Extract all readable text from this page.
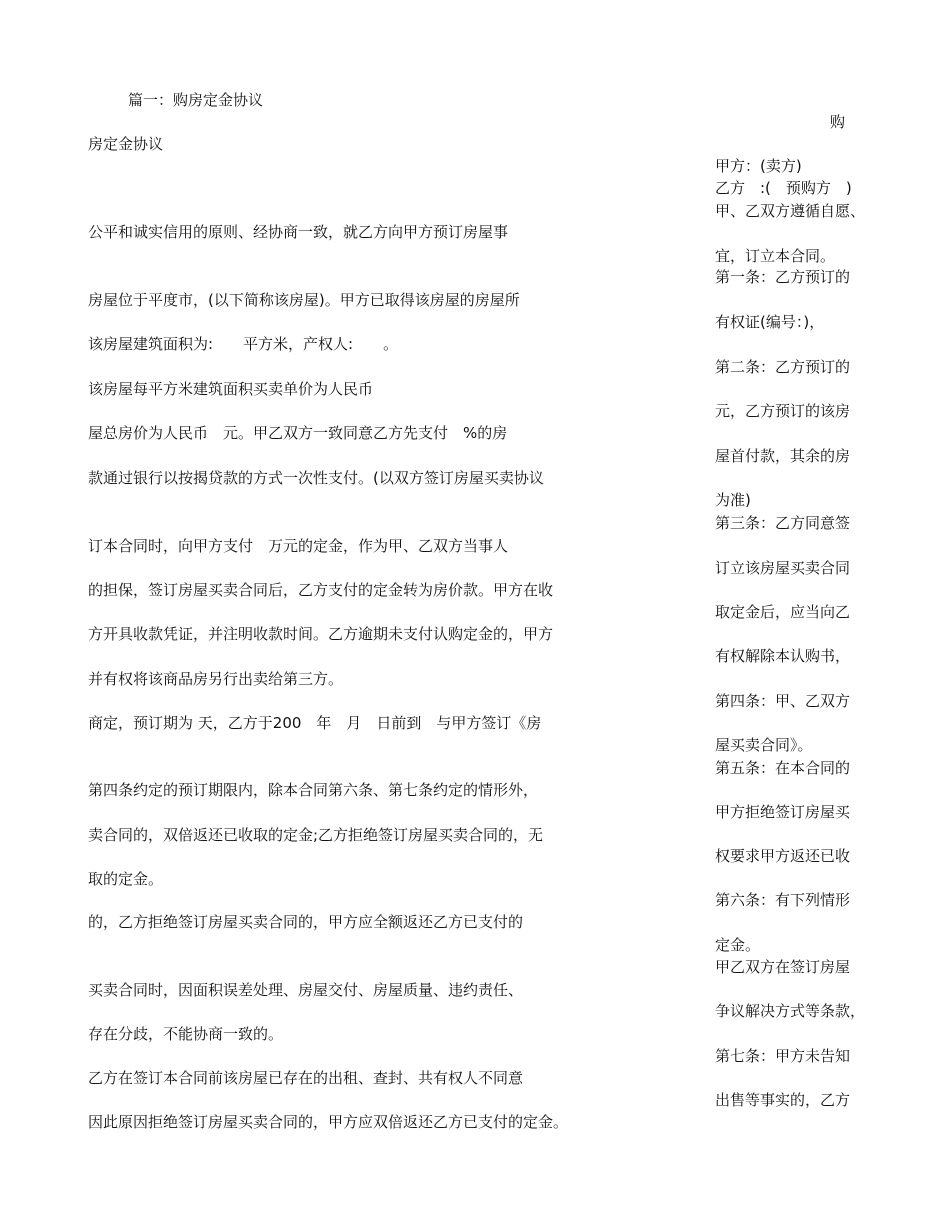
篇一：购房定金协议

房定金协议

公平和诚实信用的原则、经协商一致，就乙方向甲方预订房屋事

房屋位于平度市，(以下简称该房屋)。甲方已取得该房屋的房屋所

该房屋建筑面积为:　　平方米，产权人:　　。

该房屋每平方米建筑面积买卖单价为人民币

屋总房价为人民币　元。甲乙双方一致同意乙方先支付　%的房

款通过银行以按揭贷款的方式一次性支付。(以双方签订房屋买卖协议

订本合同时，向甲方支付　万元的定金，作为甲、乙双方当事人

的担保，签订房屋买卖合同后，乙方支付的定金转为房价款。甲方在收

方开具收款凭证，并注明收款时间。乙方逾期未支付认购定金的，甲方

并有权将该商品房另行出卖给第三方。

商定，预订期为 天，乙方于200　年　月　日前到　与甲方签订《房

第四条约定的预订期限内，除本合同第六条、第七条约定的情形外，

卖合同的，双倍返还已收取的定金;乙方拒绝签订房屋买卖合同的，无

取的定金。

的，乙方拒绝签订房屋买卖合同的，甲方应全额返还乙方已支付的

买卖合同时，因面积误差处理、房屋交付、房屋质量、违约责任、

存在分歧，不能协商一致的。

乙方在签订本合同前该房屋已存在的出租、查封、共有权人不同意

因此原因拒绝签订房屋买卖合同的，甲方应双倍返还乙方已支付的定金。

购

甲方：(卖方)

乙方　:(　预购方　)

甲、乙双方遵循自愿、

宜，订立本合同。

第一条：乙方预订的

有权证(编号：)，

第二条：乙方预订的

元，乙方预订的该房

屋首付款，其余的房

为准)

第三条：乙方同意签

订立该房屋买卖合同

取定金后，应当向乙

有权解除本认购书，

第四条：甲、乙双方

屋买卖合同》。

第五条：在本合同的

甲方拒绝签订房屋买

权要求甲方返还已收

第六条：有下列情形

定金。

甲乙双方在签订房屋

争议解决方式等条款，

第七条：甲方未告知

出售等事实的，乙方
